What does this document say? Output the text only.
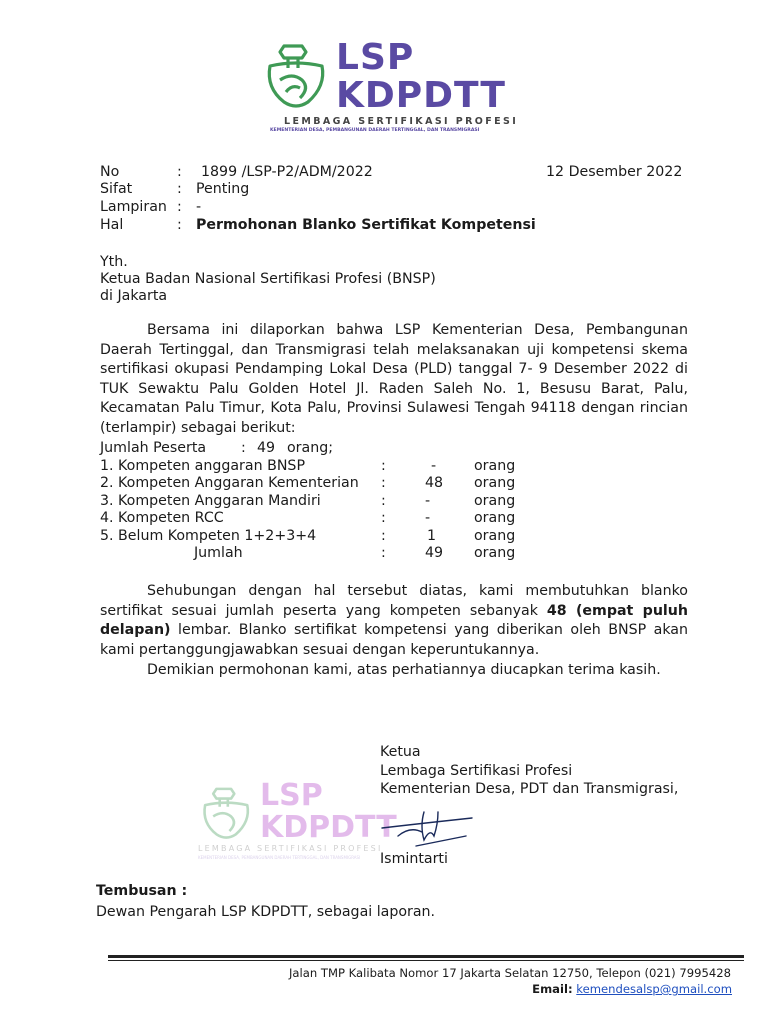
LSP
KDPDTT
LEMBAGA SERTIFIKASI PROFESI
KEMENTERIAN DESA, PEMBANGUNAN DAERAH TERTINGGAL, DAN TRANSMIGRASI
No	: 1899 /LSP-P2/ADM/2022	12 Desember 2022
Sifat	: Penting
Lampiran : -
Hal	: Permohonan Blanko Sertifikat Kompetensi
Yth.
Ketua Badan Nasional Sertifikasi Profesi (BNSP)
di Jakarta
Bersama ini dilaporkan bahwa LSP Kementerian Desa, Pembangunan Daerah Tertinggal, dan Transmigrasi telah melaksanakan uji kompetensi skema sertifikasi okupasi Pendamping Lokal Desa (PLD) tanggal 7- 9 Desember 2022 di TUK Sewaktu Palu Golden Hotel Jl. Raden Saleh No. 1, Besusu Barat, Palu, Kecamatan Palu Timur, Kota Palu, Provinsi Sulawesi Tengah 94118 dengan rincian (terlampir) sebagai berikut:
Jumlah Peserta : 49 orang;
1. Kompeten anggaran BNSP	:	-	orang
2. Kompeten Anggaran Kementerian :	48 orang
3. Kompeten Anggaran Mandiri	:	-	orang
4. Kompeten RCC	:	-	orang
5. Belum Kompeten 1+2+3+4	:	1	orang
Jumlah	:	49 orang
Sehubungan dengan hal tersebut diatas, kami membutuhkan blanko sertifikat sesuai jumlah peserta yang kompeten sebanyak 48 (empat puluh delapan) lembar. Blanko sertifikat kompetensi yang diberikan oleh BNSP akan kami pertanggungjawabkan sesuai dengan keperuntukannya.
Demikian permohonan kami, atas perhatiannya diucapkan terima kasih.
LSP
KDPDTT
LEMBAGA SERTIFIKASI PROFESI
KEMENTERIAN DESA, PEMBANGUNAN DAERAH TERTINGGAL, DAN TRANSMIGRASI
Ketua
Lembaga Sertifikasi Profesi
Kementerian Desa, PDT dan Transmigrasi,
Ismintarti
Tembusan :
Dewan Pengarah LSP KDPDTT, sebagai laporan.
Jalan TMP Kalibata Nomor 17 Jakarta Selatan 12750, Telepon (021) 7995428
Email: kemendesalsp@gmail.com
